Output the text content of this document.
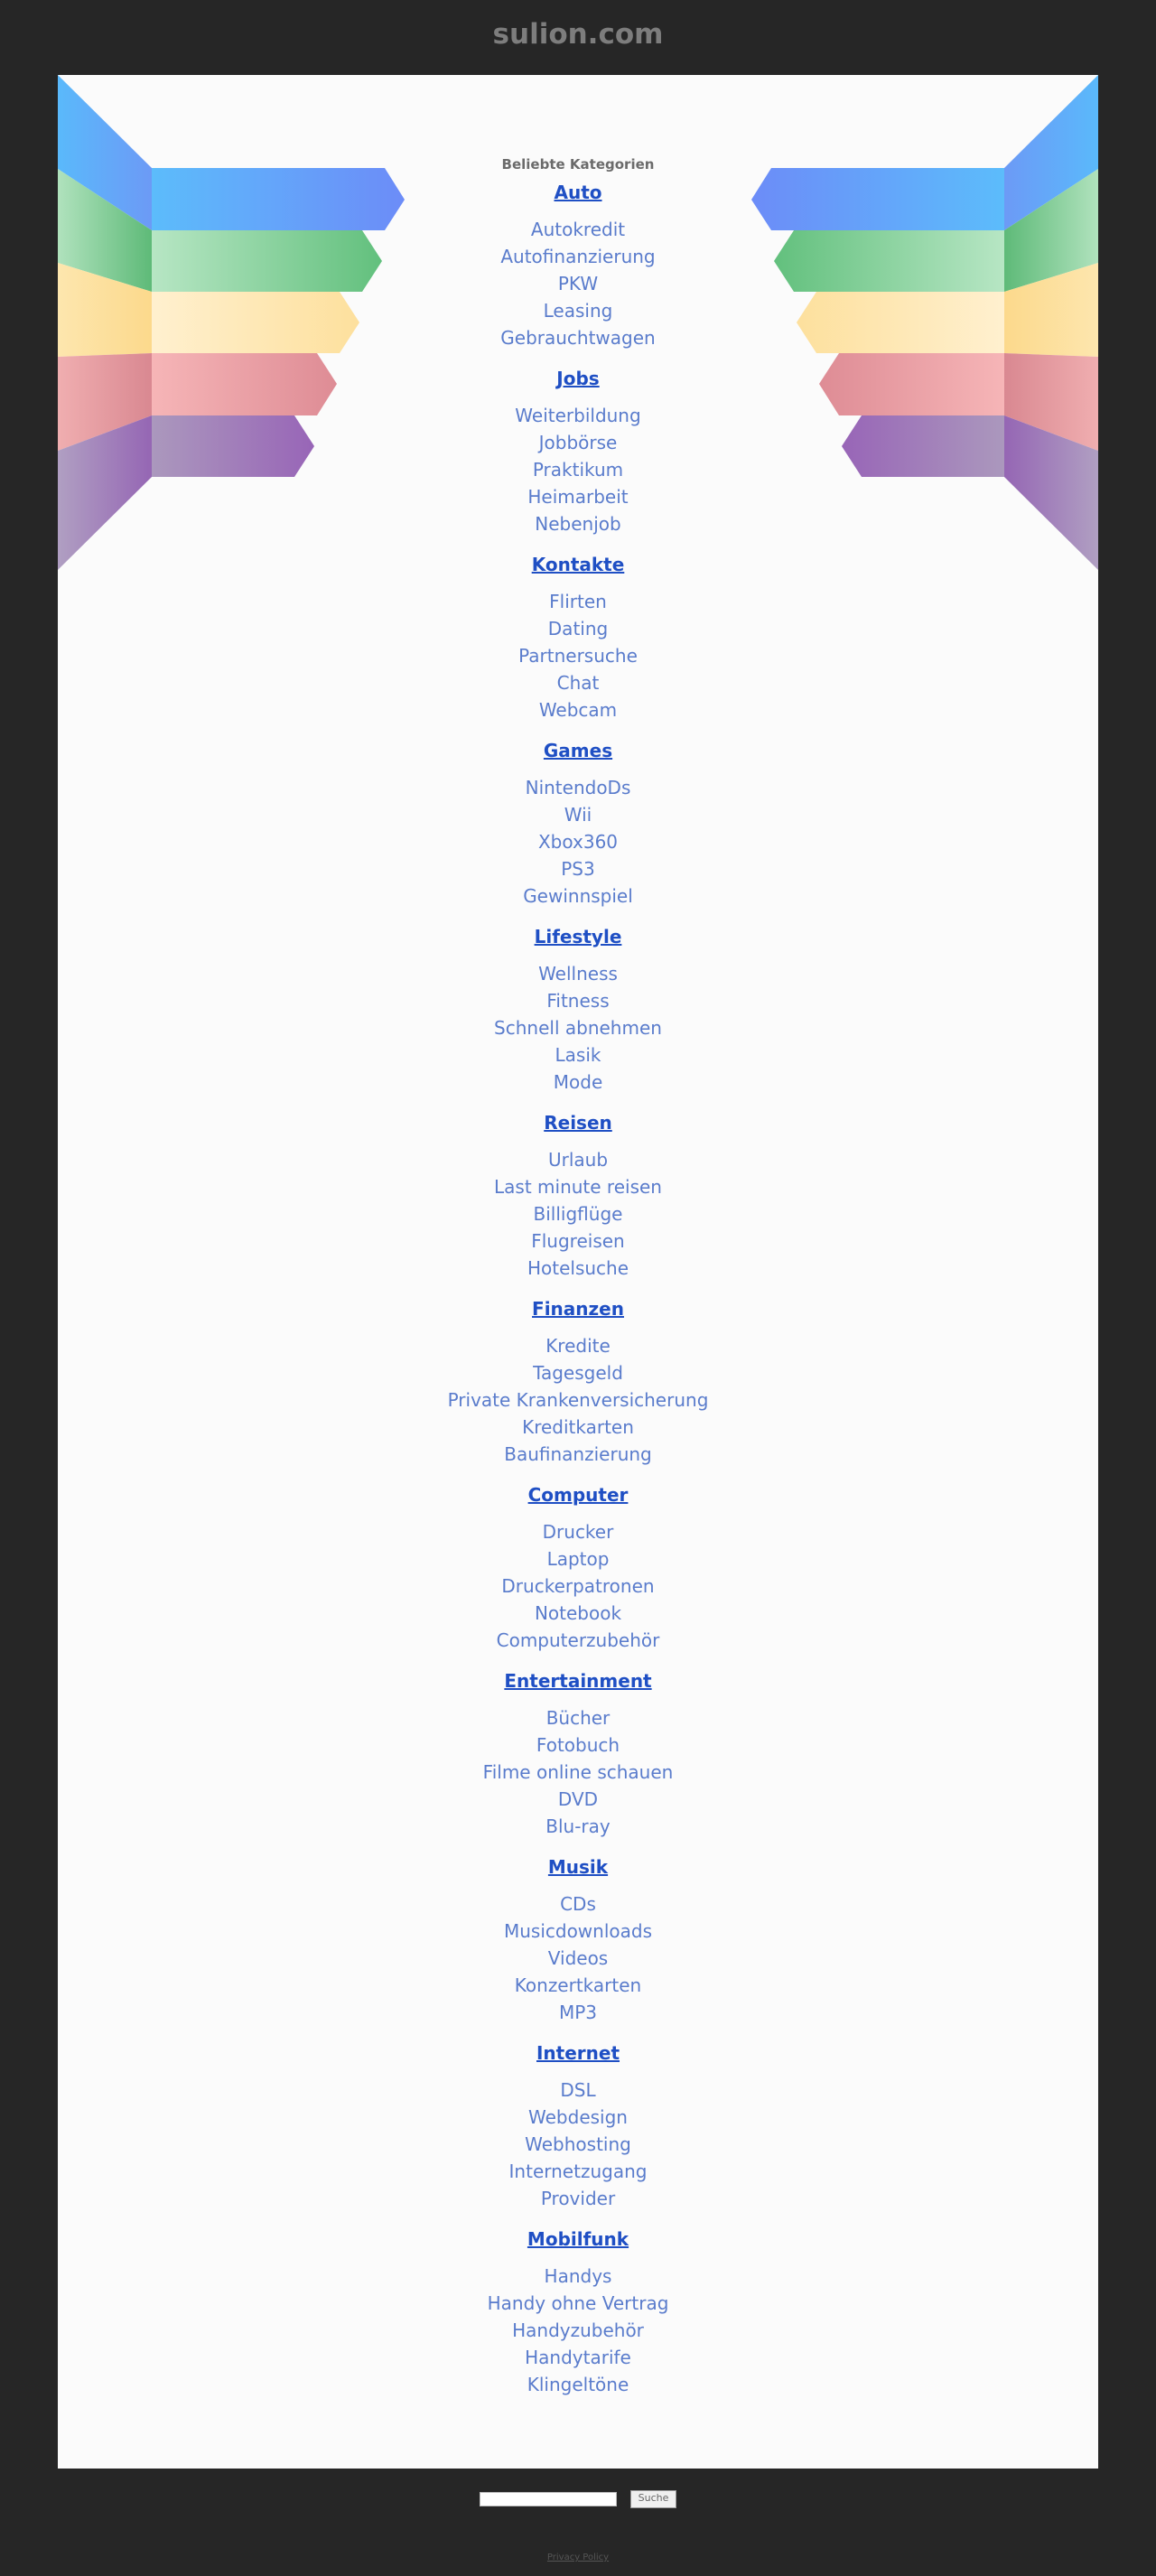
sulion.com
Beliebte Kategorien
Auto
Autokredit
Autofinanzierung
PKW
Leasing
Gebrauchtwagen
Jobs
Weiterbildung
Jobbörse
Praktikum
Heimarbeit
Nebenjob
Kontakte
Flirten
Dating
Partnersuche
Chat
Webcam
Games
NintendoDs
Wii
Xbox360
PS3
Gewinnspiel
Lifestyle
Wellness
Fitness
Schnell abnehmen
Lasik
Mode
Reisen
Urlaub
Last minute reisen
Billigflüge
Flugreisen
Hotelsuche
Finanzen
Kredite
Tagesgeld
Private Krankenversicherung
Kreditkarten
Baufinanzierung
Computer
Drucker
Laptop
Druckerpatronen
Notebook
Computerzubehör
Entertainment
Bücher
Fotobuch
Filme online schauen
DVD
Blu-ray
Musik
CDs
Musicdownloads
Videos
Konzertkarten
MP3
Internet
DSL
Webdesign
Webhosting
Internetzugang
Provider
Mobilfunk
Handys
Handy ohne Vertrag
Handyzubehör
Handytarife
Klingeltöne
Suche
Privacy Policy
